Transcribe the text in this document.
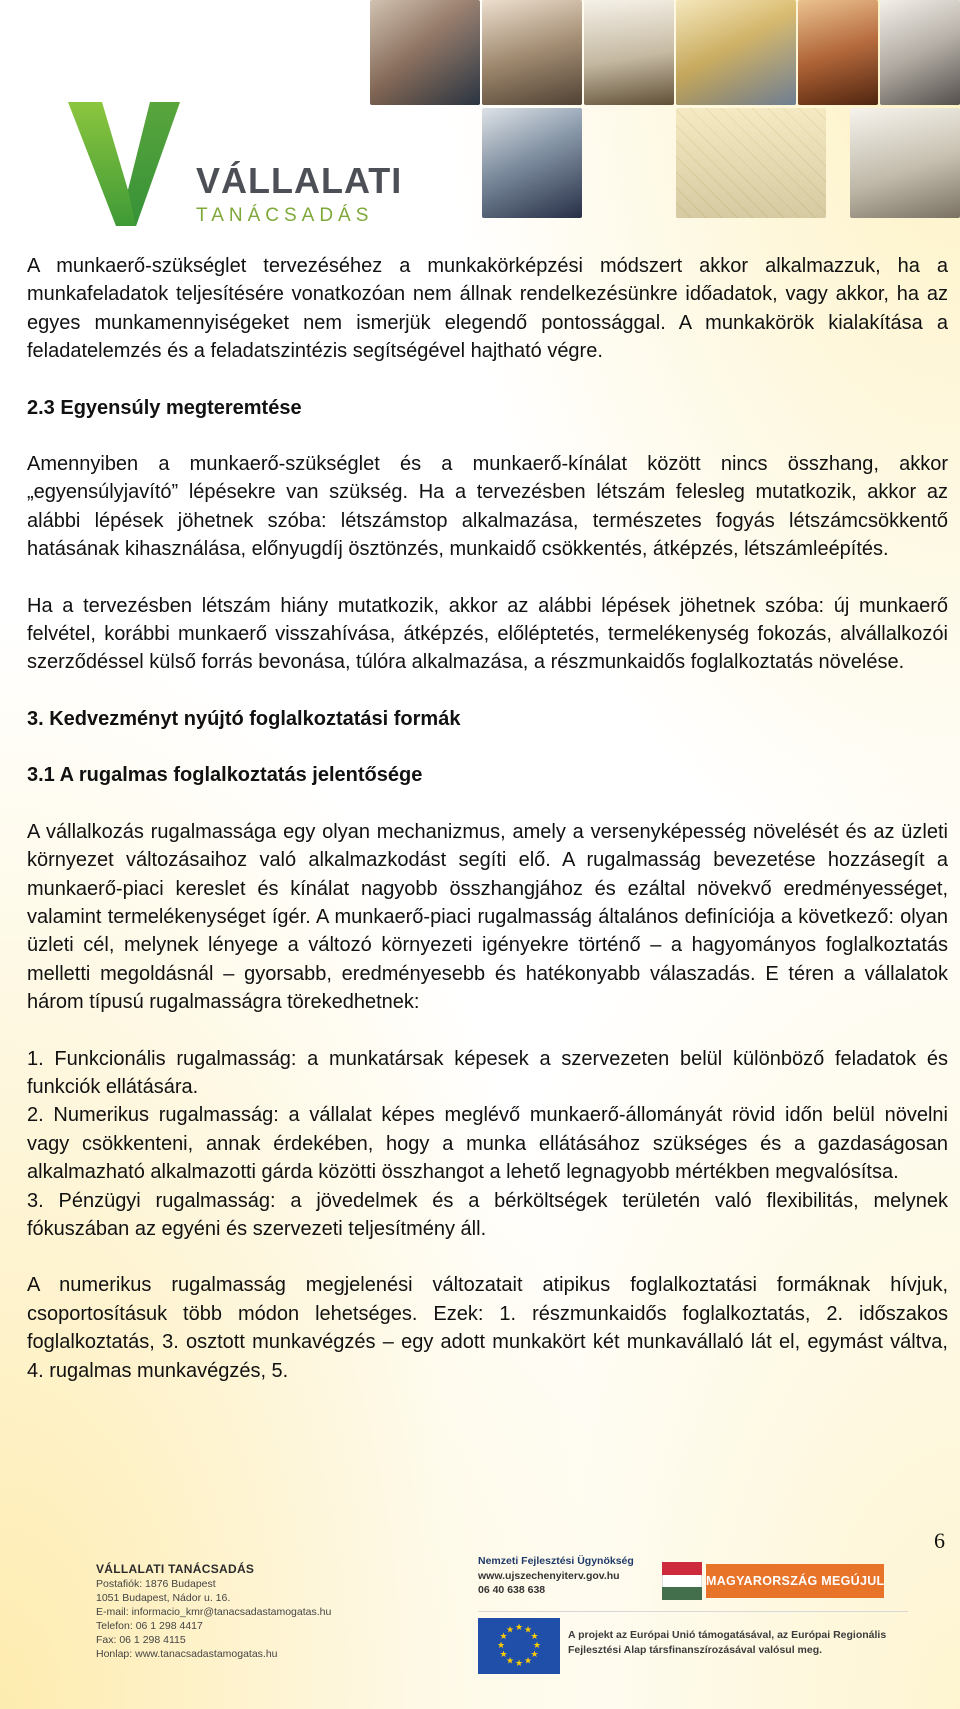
VÁLLALATI
TANÁCSADÁS

A munkaerő-szükséglet tervezéséhez a munkakörképzési módszert akkor alkalmazzuk, ha a munkafeladatok teljesítésére vonatkozóan nem állnak rendelkezésünkre időadatok, vagy akkor, ha az egyes munkamennyiségeket nem ismerjük elegendő pontossággal. A munkakörök kialakítása a feladatelemzés és a feladatszintézis segítségével hajtható végre.

2.3 Egyensúly megteremtése

Amennyiben a munkaerő-szükséglet és a munkaerő-kínálat között nincs összhang, akkor „egyensúlyjavító” lépésekre van szükség. Ha a tervezésben létszám felesleg mutatkozik, akkor az alábbi lépések jöhetnek szóba: létszámstop alkalmazása, természetes fogyás létszámcsökkentő hatásának kihasználása, előnyugdíj ösztönzés, munkaidő csökkentés, átképzés, létszámleépítés.

Ha a tervezésben létszám hiány mutatkozik, akkor az alábbi lépések jöhetnek szóba: új munkaerő felvétel, korábbi munkaerő visszahívása, átképzés, előléptetés, termelékenység fokozás, alvállalkozói szerződéssel külső forrás bevonása, túlóra alkalmazása, a részmunkaidős foglalkoztatás növelése.

3. Kedvezményt nyújtó foglalkoztatási formák
3.1 A rugalmas foglalkoztatás jelentősége

A vállalkozás rugalmassága egy olyan mechanizmus, amely a versenyképesség növelését és az üzleti környezet változásaihoz való alkalmazkodást segíti elő. A rugalmasság bevezetése hozzásegít a munkaerő-piaci kereslet és kínálat nagyobb összhangjához és ezáltal növekvő eredményességet, valamint termelékenységet ígér. A munkaerő-piaci rugalmasság általános definíciója a következő: olyan üzleti cél, melynek lényege a változó környezeti igényekre történő – a hagyományos foglalkoztatás melletti megoldásnál – gyorsabb, eredményesebb és hatékonyabb válaszadás. E téren a vállalatok három típusú rugalmasságra törekedhetnek:

1. Funkcionális rugalmasság: a munkatársak képesek a szervezeten belül különböző feladatok és funkciók ellátására.

2. Numerikus rugalmasság: a vállalat képes meglévő munkaerő-állományát rövid időn belül növelni vagy csökkenteni, annak érdekében, hogy a munka ellátásához szükséges és a gazdaságosan alkalmazható alkalmazotti gárda közötti összhangot a lehető legnagyobb mértékben megvalósítsa.

3. Pénzügyi rugalmasság: a jövedelmek és a bérköltségek területén való flexibilitás, melynek fókuszában az egyéni és szervezeti teljesítmény áll.

A numerikus rugalmasság megjelenési változatait atipikus foglalkoztatási formáknak hívjuk, csoportosításuk több módon lehetséges. Ezek: 1. részmunkaidős foglalkoztatás, 2. időszakos foglalkoztatás, 3. osztott munkavégzés – egy adott munkakört két munkavállaló lát el, egymást váltva, 4. rugalmas munkavégzés, 5.

6
VÁLLALATI TANÁCSADÁS
Postafiók: 1876 Budapest
1051 Budapest, Nádor u. 16.
E-mail: informacio_kmr@tanacsadastamogatas.hu
Telefon: 06 1 298 4417
Fax: 06 1 298 4115
Honlap: www.tanacsadastamogatas.hu
Nemzeti Fejlesztési Ügynökség
www.ujszechenyiterv.gov.hu
06 40 638 638
MAGYARORSZÁG MEGÚJUL
★ ★
★
★
★
★
★
★
★
★
★
★	A projekt az Európai Unió támogatásával, az Európai Regionális Fejlesztési Alap társfinanszírozásával valósul meg.
